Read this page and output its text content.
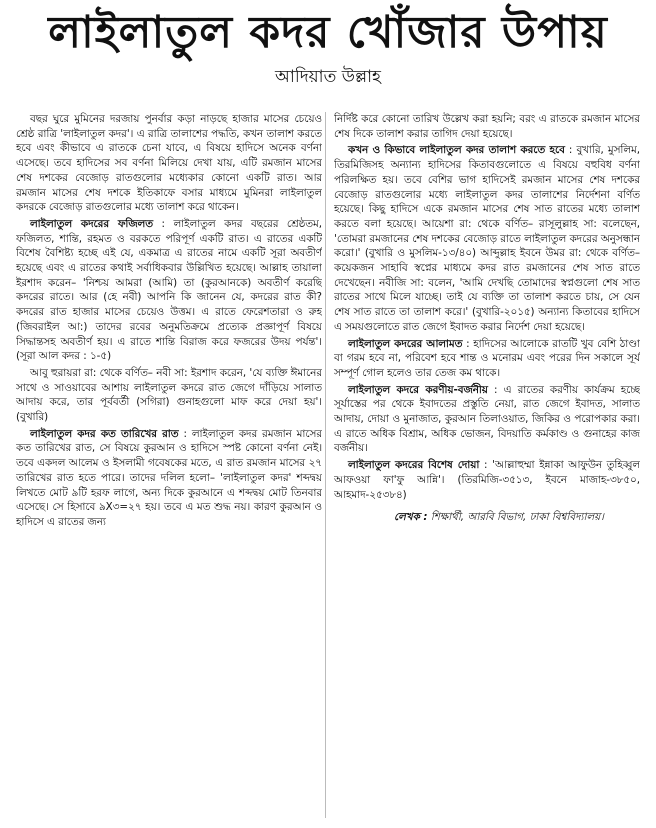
লাইলাতুল কদর খোঁজার উপায়
আদিয়াত উল্লাহ

বছর ঘুরে মুমিনের দরজায় পুনর্বার কড়া নাড়ছে হাজার মাসের চেয়েও শ্রেষ্ঠ রাত্রি 'লাইলাতুল কদর'। এ রাত্রি তালাশের পদ্ধতি, কখন তালাশ করতে হবে এবং কীভাবে এ রাতকে চেনা যাবে, এ বিষয়ে হাদিসে অনেক বর্ণনা এসেছে। তবে হাদিসের সব বর্ণনা মিলিয়ে দেখা যায়, এটি রমজান মাসের শেষ দশকের বেজোড় রাতগুলোর মধ্যেকার কোনো একটি রাত। আর রমজান মাসের শেষ দশকে ইতিকাফে বসার মাধ্যমে মুমিনরা লাইলাতুল কদরকে বেজোড় রাতগুলোর মধ্যে তালাশ করে থাকেন।

লাইলাতুল কদরের ফজিলত : লাইলাতুল কদর বছরের শ্রেষ্ঠতম, ফজিলত, শান্তি, রহমত ও বরকতে পরিপূর্ণ একটি রাত। এ রাতের একটি বিশেষ বৈশিষ্ট্য হচ্ছে এই যে, একমাত্র এ রাতের নামে একটি সূরা অবতীর্ণ হয়েছে এবং এ রাতের কথাই সর্বাধিকবার উল্লিখিত হয়েছে। আল্লাহ তায়ালা ইরশাদ করেন– 'নিশ্চয় আমরা (আমি) তা (কুরআনকে) অবতীর্ণ করেছি কদরের রাতে। আর (হে নবী) আপনি কি জানেন যে, কদরের রাত কী? কদরের রাত হাজার মাসের চেয়েও উত্তম। এ রাতে ফেরেশতারা ও রুহ (জিবরাইল আ:) তাদের রবের অনুমতিক্রমে প্রত্যেক প্রজ্ঞাপূর্ণ বিষয়ে সিদ্ধান্তসহ অবতীর্ণ হয়। এ রাতে শান্তি বিরাজ করে ফজরের উদয় পর্যন্ত'। (সূরা আল কদর : ১-৫)

আবু হুরায়রা রা: থেকে বর্ণিত– নবী সা: ইরশাদ করেন, 'যে ব্যক্তি ঈমানের সাথে ও সাওয়াবের আশায় লাইলাতুল কদরে রাত জেগে দাঁড়িয়ে সালাত আদায় করে, তার পূর্ববর্তী (সগিরা) গুনাহগুলো মাফ করে দেয়া হয়'। (বুখারি)

লাইলাতুল কদর কত তারিখের রাত : লাইলাতুল কদর রমজান মাসের কত তারিখের রাত, সে বিষয়ে কুরআন ও হাদিসে স্পষ্ট কোনো বর্ণনা নেই। তবে একদল আলেম ও ইসলামী গবেষকের মতে, এ রাত রমজান মাসের ২৭ তারিখের রাত হতে পারে। তাদের দলিল হলো– 'লাইলাতুল কদর' শব্দদ্বয় লিখতে মোট ৯টি হরফ লাগে, অন্য দিকে কুরআনে এ শব্দদ্বয় মোট তিনবার এসেছে। সে হিসাবে ৯X৩=২৭ হয়। তবে এ মত শুদ্ধ নয়। কারণ কুরআন ও হাদিসে এ রাতের জন্য

নির্দিষ্ট করে কোনো তারিখ উল্লেখ করা হয়নি; বরং এ রাতকে রমজান মাসের শেষ দিকে তালাশ করার তাগিদ দেয়া হয়েছে।

কখন ও কিভাবে লাইলাতুল কদর তালাশ করতে হবে : বুখারি, মুসলিম, তিরমিজিসহ অন্যান্য হাদিসের কিতাবগুলোতে এ বিষয়ে বহুবিধ বর্ণনা পরিলক্ষিত হয়। তবে বেশির ভাগ হাদিসেই রমজান মাসের শেষ দশকের বেজোড় রাতগুলোর মধ্যে লাইলাতুল কদর তালাশের নির্দেশনা বর্ণিত হয়েছে। কিছু হাদিসে একে রমজান মাসের শেষ সাত রাতের মধ্যে তালাশ করতে বলা হয়েছে। আয়েশা রা: থেকে বর্ণিত– রাসূলুল্লাহ সা: বলেছেন, 'তোমরা রমজানের শেষ দশকের বেজোড় রাতে লাইলাতুল কদরের অনুসন্ধান করো।' (বুখারি ও মুসলিম-১৩/৪০) আব্দুল্লাহ ইবনে উমর রা: থেকে বর্ণিত– কয়েকজন সাহাবি স্বপ্নের মাধ্যমে কদর রাত রমজানের শেষ সাত রাতে দেখেছেন। নবীজি সা: বলেন, 'আমি দেখছি তোমাদের স্বপ্নগুলো শেষ সাত রাতের সাথে মিলে যাচ্ছে। তাই যে ব্যক্তি তা তালাশ করতে চায়, সে যেন শেষ সাত রাতে তা তালাশ করে।' (বুখারি-২০১৫) অন্যান্য কিতাবের হাদিসে এ সময়গুলোতে রাত জেগে ইবাদত করার নির্দেশ দেয়া হয়েছে।

লাইলাতুল কদরের আলামত : হাদিসের আলোকে রাতটি খুব বেশি ঠাণ্ডা বা গরম হবে না, পরিবেশ হবে শান্ত ও মনোরম এবং পরের দিন সকালে সূর্য সম্পূর্ণ গোল হলেও তার তেজ কম থাকে।

লাইলাতুল কদরে করণীয়-বর্জনীয় : এ রাতের করণীয় কার্যক্রম হচ্ছে সূর্যাস্তের পর থেকে ইবাদতের প্রস্তুতি নেয়া, রাত জেগে ইবাদত, সালাত আদায়, দোয়া ও মুনাজাত, কুরআন তিলাওয়াত, জিকির ও পরোপকার করা। এ রাতে অধিক বিশ্রাম, অধিক ভোজন, বিদয়াতি কর্মকাণ্ড ও গুনাহের কাজ বর্জনীয়।

লাইলাতুল কদরের বিশেষ দোয়া : 'আল্লাহুম্মা ইন্নাকা আফুউন তুহিব্বুল আফওয়া ফা'ফু আন্নি'। (তিরমিজি-৩৫১৩, ইবনে মাজাহ-৩৮৫০, আহমাদ-২৫৩৮৪)

লেখক : শিক্ষার্থী, আরবি বিভাগ, ঢাকা বিশ্ববিদ্যালয়।
